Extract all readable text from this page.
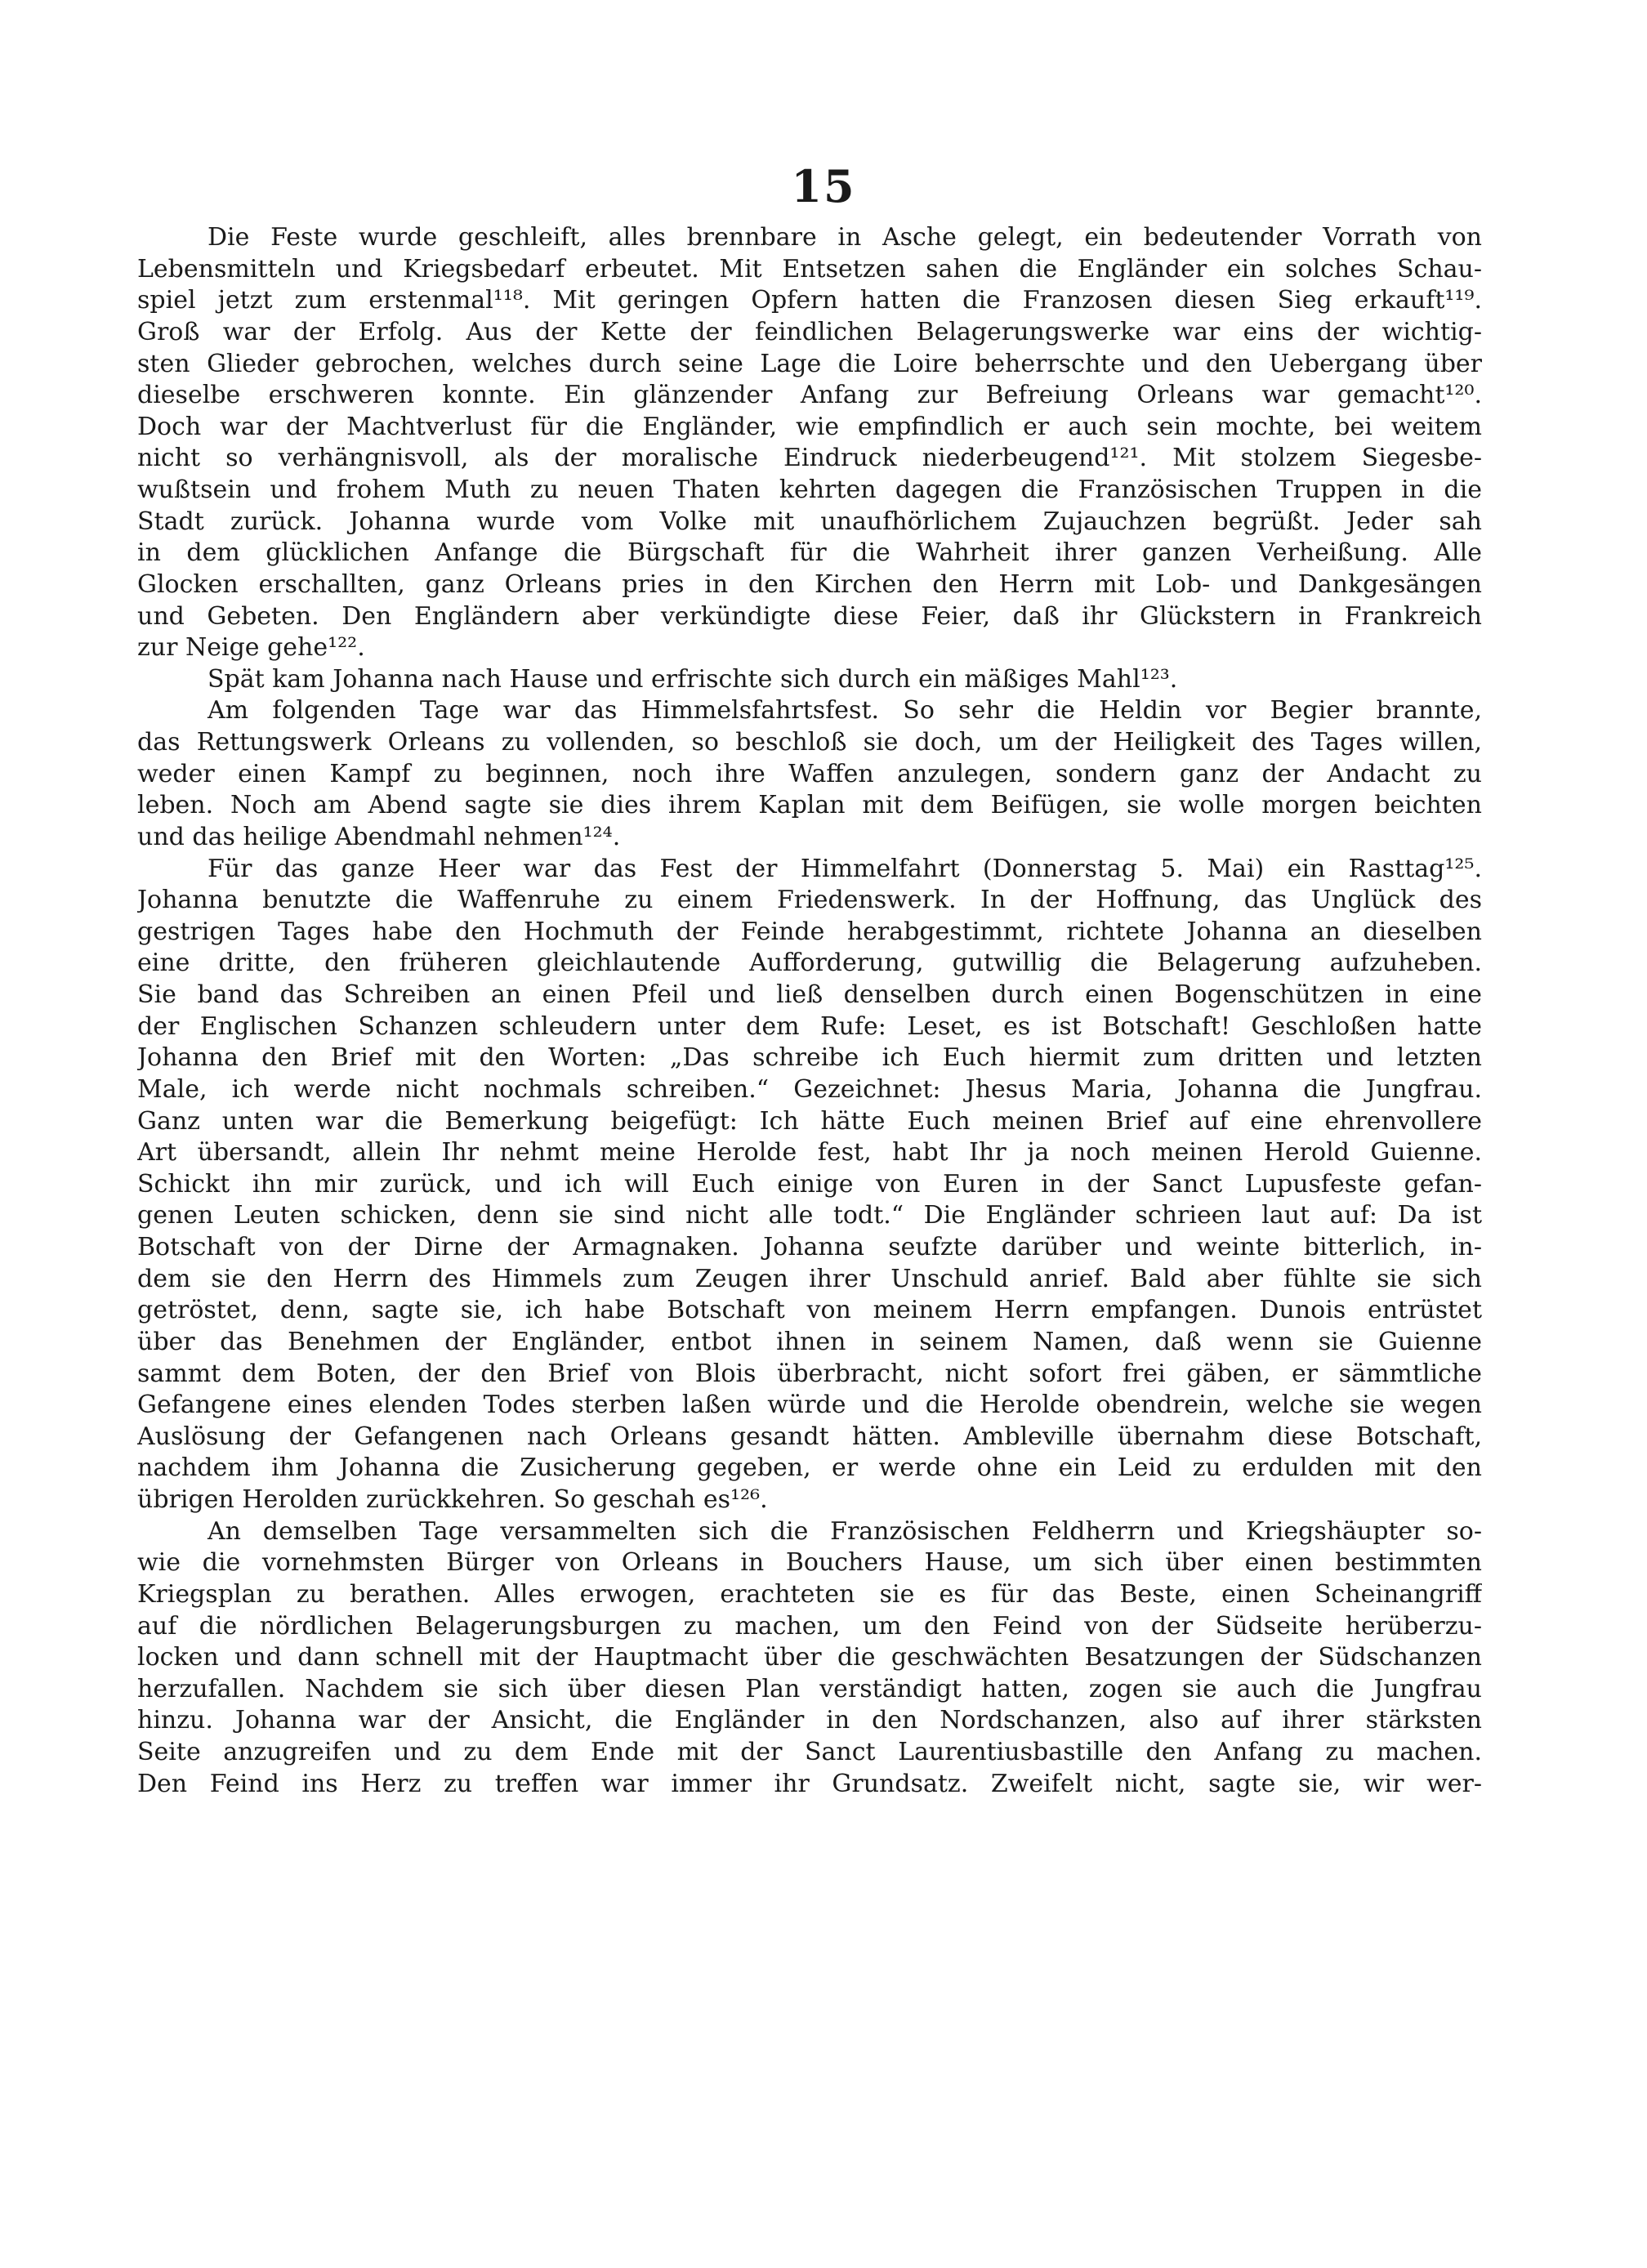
15
Die Feste wurde geschleift, alles brennbare in Asche gelegt, ein bedeutender Vorrath von
Lebensmitteln und Kriegsbedarf erbeutet. Mit Entsetzen sahen die Engländer ein solches Schau-
spiel jetzt zum erstenmal¹¹⁸. Mit geringen Opfern hatten die Franzosen diesen Sieg erkauft¹¹⁹.
Groß war der Erfolg. Aus der Kette der feindlichen Belagerungswerke war eins der wichtig-
sten Glieder gebrochen, welches durch seine Lage die Loire beherrschte und den Uebergang über
dieselbe erschweren konnte. Ein glänzender Anfang zur Befreiung Orleans war gemacht¹²⁰.
Doch war der Machtverlust für die Engländer, wie empfindlich er auch sein mochte, bei weitem
nicht so verhängnisvoll, als der moralische Eindruck niederbeugend¹²¹. Mit stolzem Siegesbe-
wußtsein und frohem Muth zu neuen Thaten kehrten dagegen die Französischen Truppen in die
Stadt zurück. Johanna wurde vom Volke mit unaufhörlichem Zujauchzen begrüßt. Jeder sah
in dem glücklichen Anfange die Bürgschaft für die Wahrheit ihrer ganzen Verheißung. Alle
Glocken erschallten, ganz Orleans pries in den Kirchen den Herrn mit Lob- und Dankgesängen
und Gebeten. Den Engländern aber verkündigte diese Feier, daß ihr Glückstern in Frankreich
zur Neige gehe¹²².
Spät kam Johanna nach Hause und erfrischte sich durch ein mäßiges Mahl¹²³.
Am folgenden Tage war das Himmelsfahrtsfest. So sehr die Heldin vor Begier brannte,
das Rettungswerk Orleans zu vollenden, so beschloß sie doch, um der Heiligkeit des Tages willen,
weder einen Kampf zu beginnen, noch ihre Waffen anzulegen, sondern ganz der Andacht zu
leben. Noch am Abend sagte sie dies ihrem Kaplan mit dem Beifügen, sie wolle morgen beichten
und das heilige Abendmahl nehmen¹²⁴.
Für das ganze Heer war das Fest der Himmelfahrt (Donnerstag 5. Mai) ein Rasttag¹²⁵.
Johanna benutzte die Waffenruhe zu einem Friedenswerk. In der Hoffnung, das Unglück des
gestrigen Tages habe den Hochmuth der Feinde herabgestimmt, richtete Johanna an dieselben
eine dritte, den früheren gleichlautende Aufforderung, gutwillig die Belagerung aufzuheben.
Sie band das Schreiben an einen Pfeil und ließ denselben durch einen Bogenschützen in eine
der Englischen Schanzen schleudern unter dem Rufe: Leset, es ist Botschaft! Geschloßen hatte
Johanna den Brief mit den Worten: „Das schreibe ich Euch hiermit zum dritten und letzten
Male, ich werde nicht nochmals schreiben.“ Gezeichnet: Jhesus Maria, Johanna die Jungfrau.
Ganz unten war die Bemerkung beigefügt: Ich hätte Euch meinen Brief auf eine ehrenvollere
Art übersandt, allein Ihr nehmt meine Herolde fest, habt Ihr ja noch meinen Herold Guienne.
Schickt ihn mir zurück, und ich will Euch einige von Euren in der Sanct Lupusfeste gefan-
genen Leuten schicken, denn sie sind nicht alle todt.“ Die Engländer schrieen laut auf: Da ist
Botschaft von der Dirne der Armagnaken. Johanna seufzte darüber und weinte bitterlich, in-
dem sie den Herrn des Himmels zum Zeugen ihrer Unschuld anrief. Bald aber fühlte sie sich
getröstet, denn, sagte sie, ich habe Botschaft von meinem Herrn empfangen. Dunois entrüstet
über das Benehmen der Engländer, entbot ihnen in seinem Namen, daß wenn sie Guienne
sammt dem Boten, der den Brief von Blois überbracht, nicht sofort frei gäben, er sämmtliche
Gefangene eines elenden Todes sterben laßen würde und die Herolde obendrein, welche sie wegen
Auslösung der Gefangenen nach Orleans gesandt hätten. Ambleville übernahm diese Botschaft,
nachdem ihm Johanna die Zusicherung gegeben, er werde ohne ein Leid zu erdulden mit den
übrigen Herolden zurückkehren. So geschah es¹²⁶.
An demselben Tage versammelten sich die Französischen Feldherrn und Kriegshäupter so-
wie die vornehmsten Bürger von Orleans in Bouchers Hause, um sich über einen bestimmten
Kriegsplan zu berathen. Alles erwogen, erachteten sie es für das Beste, einen Scheinangriff
auf die nördlichen Belagerungsburgen zu machen, um den Feind von der Südseite herüberzu-
locken und dann schnell mit der Hauptmacht über die geschwächten Besatzungen der Südschanzen
herzufallen. Nachdem sie sich über diesen Plan verständigt hatten, zogen sie auch die Jungfrau
hinzu. Johanna war der Ansicht, die Engländer in den Nordschanzen, also auf ihrer stärksten
Seite anzugreifen und zu dem Ende mit der Sanct Laurentiusbastille den Anfang zu machen.
Den Feind ins Herz zu treffen war immer ihr Grundsatz. Zweifelt nicht, sagte sie, wir wer-
